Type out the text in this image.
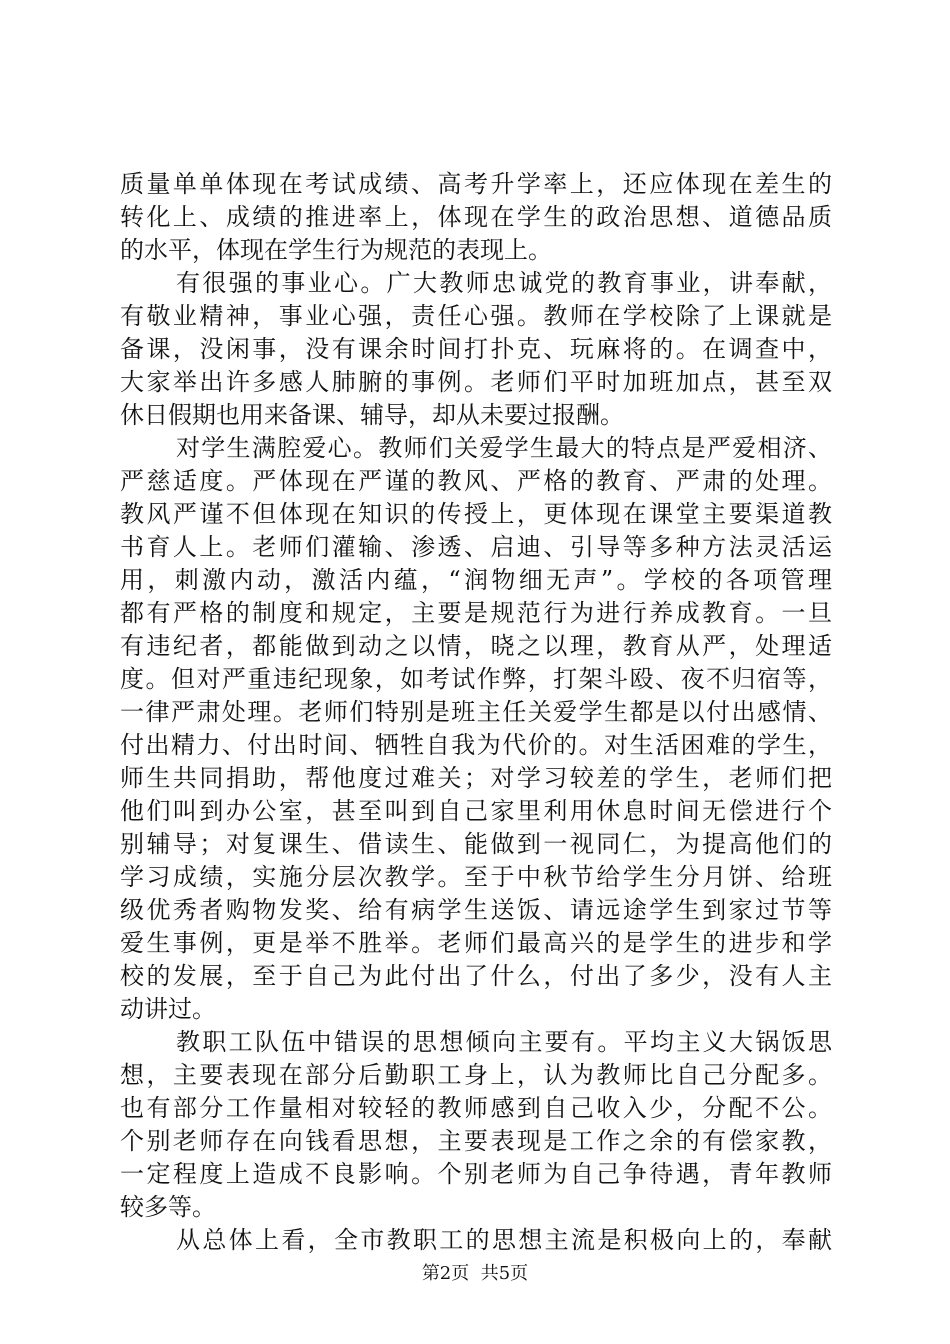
质量单单体现在考试成绩、高考升学率上，还应体现在差生的
转化上、成绩的推进率上，体现在学生的政治思想、道德品质
的水平，体现在学生行为规范的表现上。
有很强的事业心。广大教师忠诚党的教育事业，讲奉献，
有敬业精神，事业心强，责任心强。教师在学校除了上课就是
备课，没闲事，没有课余时间打扑克、玩麻将的。在调查中，
大家举出许多感人肺腑的事例。老师们平时加班加点，甚至双
休日假期也用来备课、辅导，却从未要过报酬。
对学生满腔爱心。教师们关爱学生最大的特点是严爱相济、
严慈适度。严体现在严谨的教风、严格的教育、严肃的处理。
教风严谨不但体现在知识的传授上，更体现在课堂主要渠道教
书育人上。老师们灌输、渗透、启迪、引导等多种方法灵活运
用，刺激内动，激活内蕴，“润物细无声”。学校的各项管理
都有严格的制度和规定，主要是规范行为进行养成教育。一旦
有违纪者，都能做到动之以情，晓之以理，教育从严，处理适
度。但对严重违纪现象，如考试作弊，打架斗殴、夜不归宿等，
一律严肃处理。老师们特别是班主任关爱学生都是以付出感情、
付出精力、付出时间、牺牲自我为代价的。对生活困难的学生，
师生共同捐助，帮他度过难关；对学习较差的学生，老师们把
他们叫到办公室，甚至叫到自己家里利用休息时间无偿进行个
别辅导；对复课生、借读生、能做到一视同仁，为提高他们的
学习成绩，实施分层次教学。至于中秋节给学生分月饼、给班
级优秀者购物发奖、给有病学生送饭、请远途学生到家过节等
爱生事例，更是举不胜举。老师们最高兴的是学生的进步和学
校的发展，至于自己为此付出了什么，付出了多少，没有人主
动讲过。
教职工队伍中错误的思想倾向主要有。平均主义大锅饭思
想，主要表现在部分后勤职工身上，认为教师比自己分配多。
也有部分工作量相对较轻的教师感到自己收入少，分配不公。
个别老师存在向钱看思想，主要表现是工作之余的有偿家教，
一定程度上造成不良影响。个别老师为自己争待遇，青年教师
较多等。
从总体上看，全市教职工的思想主流是积极向上的，奉献
第2页  共5页
